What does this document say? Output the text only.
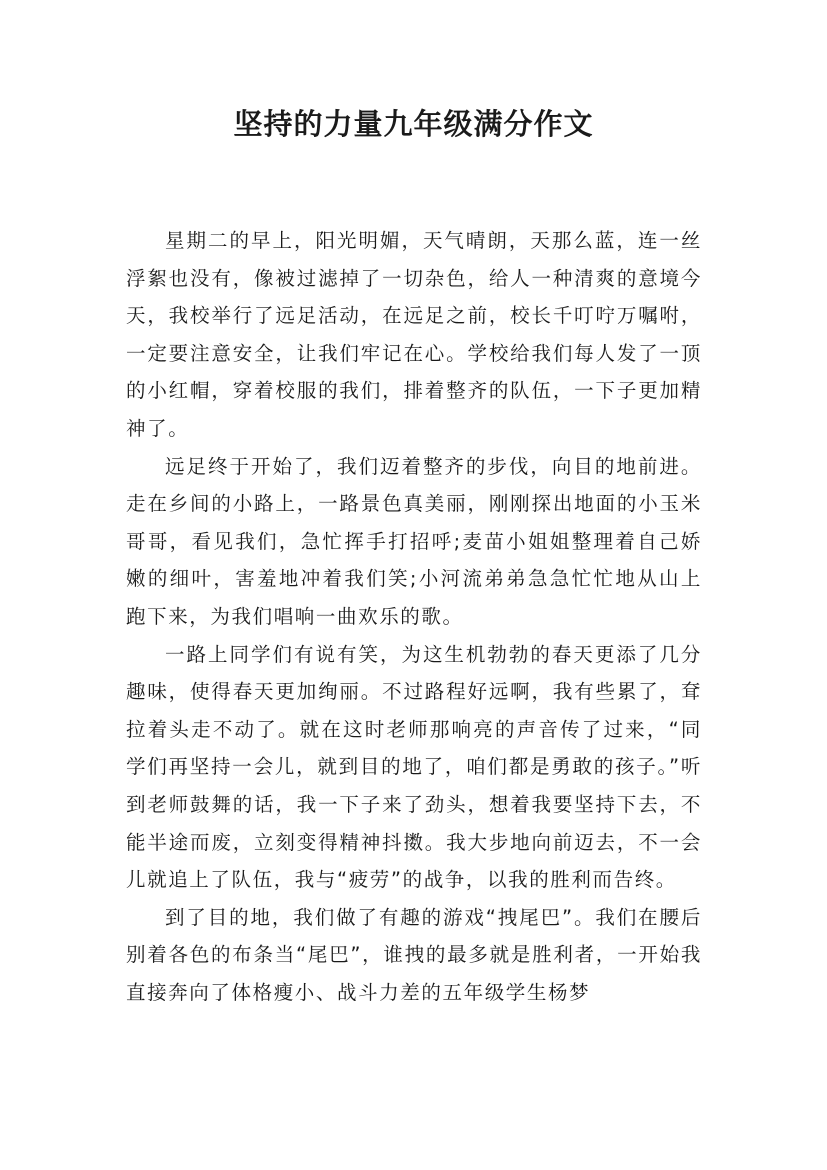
坚持的力量九年级满分作文

星期二的早上，阳光明媚，天气晴朗，天那么蓝，连一丝浮絮也没有，像被过滤掉了一切杂色，给人一种清爽的意境今天，我校举行了远足活动，在远足之前，校长千叮咛万嘱咐，一定要注意安全，让我们牢记在心。学校给我们每人发了一顶的小红帽，穿着校服的我们，排着整齐的队伍，一下子更加精神了。

远足终于开始了，我们迈着整齐的步伐，向目的地前进。走在乡间的小路上，一路景色真美丽，刚刚探出地面的小玉米哥哥，看见我们，急忙挥手打招呼;麦苗小姐姐整理着自己娇嫩的细叶，害羞地冲着我们笑;小河流弟弟急急忙忙地从山上跑下来，为我们唱响一曲欢乐的歌。

一路上同学们有说有笑，为这生机勃勃的春天更添了几分趣味，使得春天更加绚丽。不过路程好远啊，我有些累了，耷拉着头走不动了。就在这时老师那响亮的声音传了过来，“同学们再坚持一会儿，就到目的地了，咱们都是勇敢的孩子。”听到老师鼓舞的话，我一下子来了劲头，想着我要坚持下去，不能半途而废，立刻变得精神抖擞。我大步地向前迈去，不一会儿就追上了队伍，我与“疲劳”的战争，以我的胜利而告终。

到了目的地，我们做了有趣的游戏“拽尾巴”。我们在腰后别着各色的布条当“尾巴”，谁拽的最多就是胜利者，一开始我直接奔向了体格瘦小、战斗力差的五年级学生杨梦
